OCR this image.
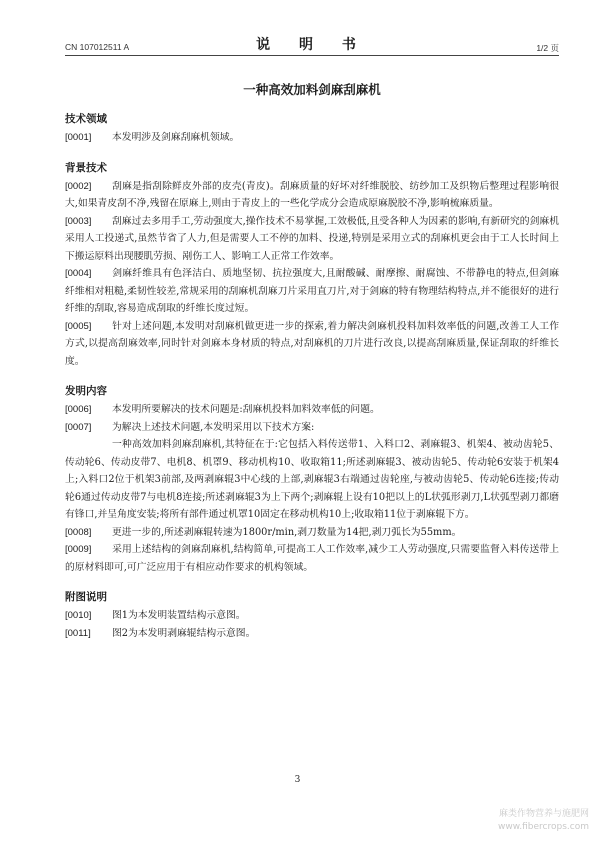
CN 107012511 A	说 明 书	1/2 页
一种高效加料剑麻刮麻机
技术领域

[0001] 本发明涉及剑麻刮麻机领域。

背景技术

[0002] 刮麻是指刮除鲜皮外部的皮壳(青皮)。刮麻质量的好坏对纤维脱胶、纺纱加工及织物后整理过程影响很大,如果青皮刮不净,残留在原麻上,则由于青皮上的一些化学成分会造成原麻脱胶不净,影响梳麻质量。

[0003] 刮麻过去多用手工,劳动强度大,操作技术不易掌握,工效极低,且受各种人为因素的影响,有新研究的剑麻机采用人工投递式,虽然节省了人力,但是需要人工不停的加料、投递,特别是采用立式的刮麻机更会由于工人长时间上下搬运原料出现腰肌劳损、剐伤工人、影响工人正常工作效率。

[0004] 剑麻纤维具有色泽洁白、质地坚韧、抗拉强度大,且耐酸碱、耐摩擦、耐腐蚀、不带静电的特点,但剑麻纤维相对粗糙,柔韧性较差,常规采用的刮麻机刮麻刀片采用直刀片,对于剑麻的特有物理结构特点,并不能很好的进行纤维的刮取,容易造成刮取的纤维长度过短。

[0005] 针对上述问题,本发明对刮麻机做更进一步的探索,着力解决剑麻机投料加料效率低的问题,改善工人工作方式,以提高刮麻效率,同时针对剑麻本身材质的特点,对刮麻机的刀片进行改良,以提高刮麻质量,保证刮取的纤维长度。

发明内容

[0006] 本发明所要解决的技术问题是:刮麻机投料加料效率低的问题。

[0007] 为解决上述技术问题,本发明采用以下技术方案:

一种高效加料剑麻刮麻机,其特征在于:它包括入料传送带1、入料口2、剥麻辊3、机架4、被动齿轮5、传动轮6、传动皮带7、电机8、机罩9、移动机构10、收取箱11;所述剥麻辊3、被动齿轮5、传动轮6安装于机架4上;入料口2位于机架3前部,及两剥麻辊3中心线的上部,剥麻辊3右端通过齿轮座,与被动齿轮5、传动轮6连接;传动轮6通过传动皮带7与电机8连接;所述剥麻辊3为上下两个;剥麻辊上设有10把以上的L状弧形剥刀,L状弧型剥刀都磨有锋口,并呈角度安装;将所有部件通过机罩10固定在移动机构10上;收取箱11位于剥麻辊下方。

[0008] 更进一步的,所述剥麻辊转速为1800r/min,剥刀数量为14把,剥刀弧长为55mm。

[0009] 采用上述结构的剑麻刮麻机,结构简单,可提高工人工作效率,减少工人劳动强度,只需要监督入料传送带上的原材料即可,可广泛应用于有相应动作要求的机构领域。

附图说明

[0010] 图1为本发明装置结构示意图。

[0011] 图2为本发明剥麻辊结构示意图。

3
麻类作物营养与施肥网
www.fibercrops.com
